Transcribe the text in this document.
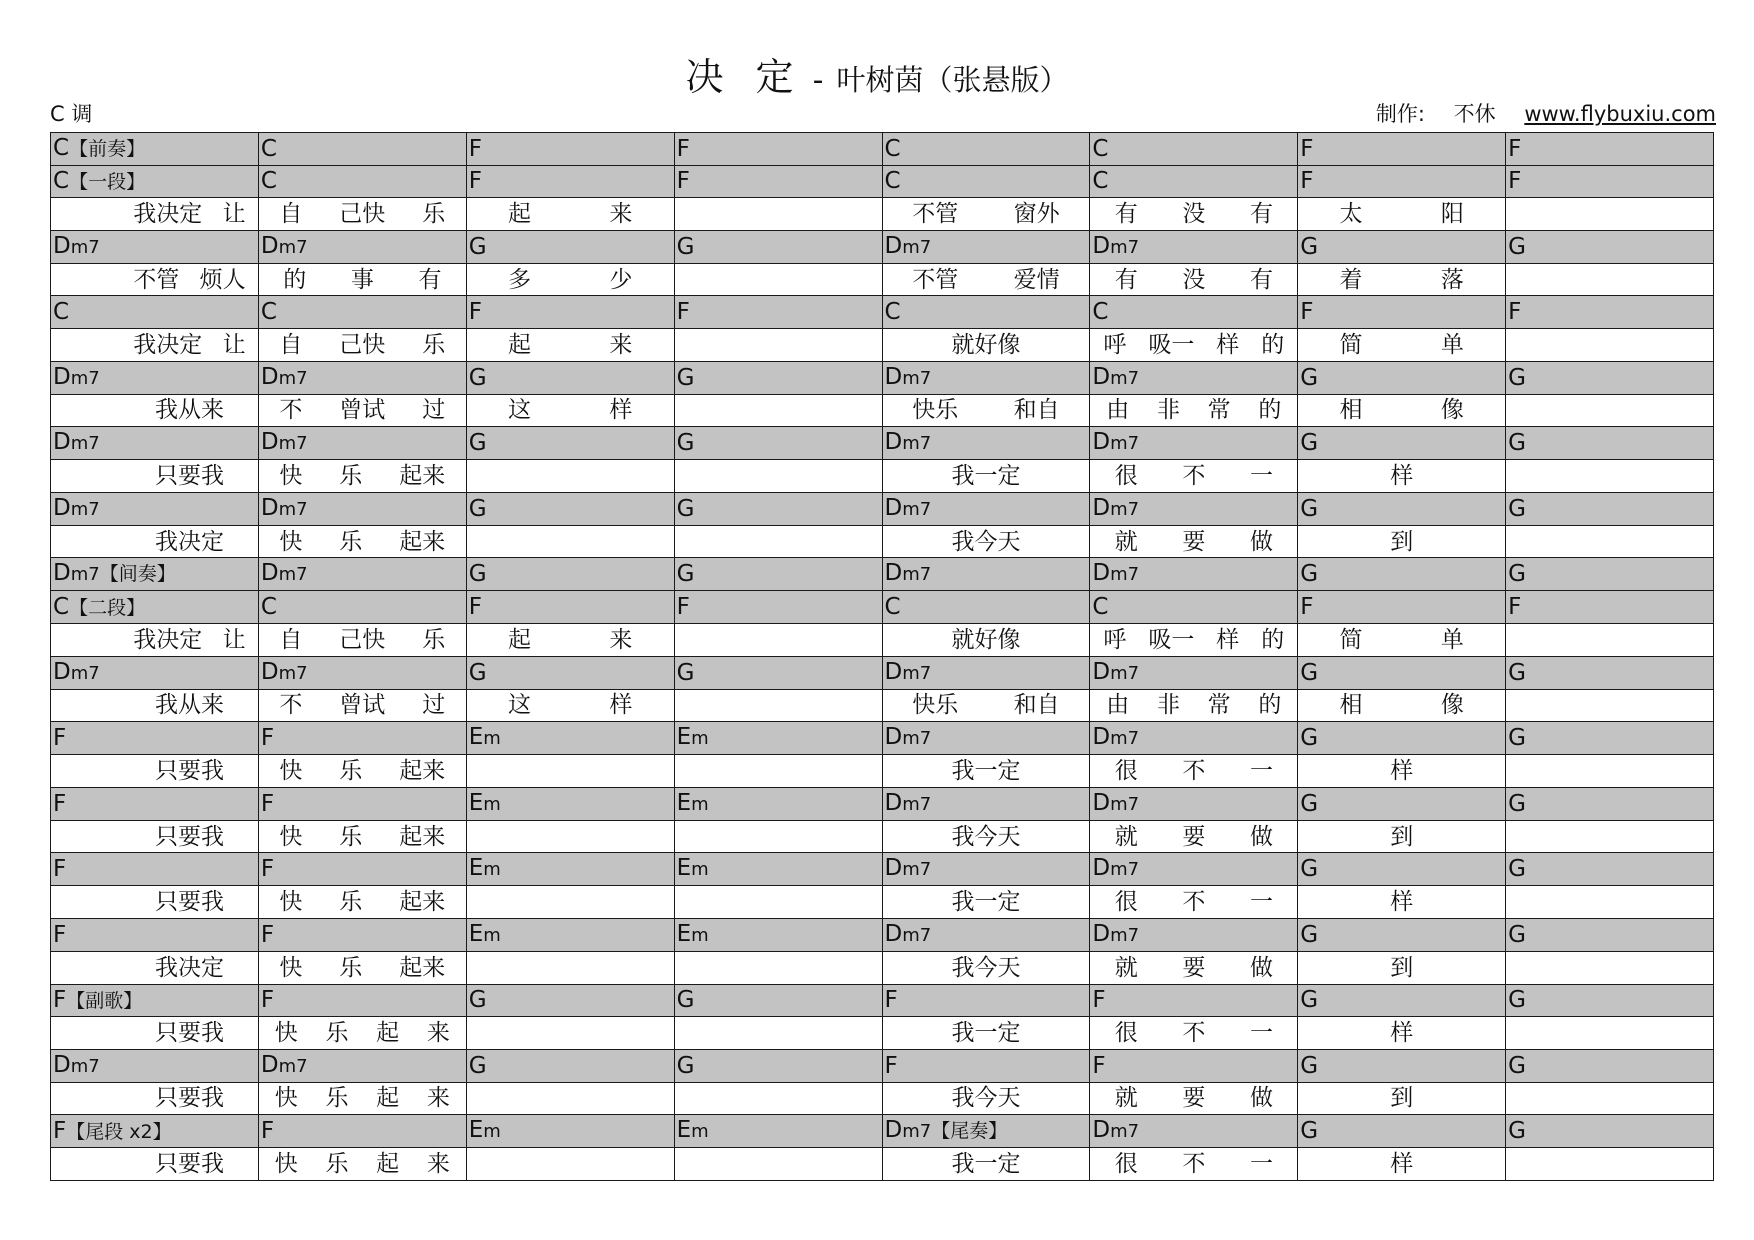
决 定 - 叶树茵（张悬版）
C 调	制作: 不休 www.flybuxiu.com
C【前奏】	C	F	F	C	C	F	F
C【一段】	C	F	F	C	C	F	F

我决定 让	自 己快 乐	起 来		不管 窗外	有 没 有	太 阳	

Dm7	Dm7	G	G	Dm7	Dm7	G	G

不管 烦人	的 事 有	多 少		不管 爱情	有 没 有	着 落	

C	C	F	F	C	C	F	F

我决定 让	自 己快 乐	起 来		就好像	呼 吸一 样 的	简 单	

Dm7	Dm7	G	G	Dm7	Dm7	G	G

我从来	不 曾试 过	这 样		快乐 和自	由 非 常 的	相 像	

Dm7	Dm7	G	G	Dm7	Dm7	G	G

只要我	快 乐 起来			我一定	很 不 一	样	

Dm7	Dm7	G	G	Dm7	Dm7	G	G

我决定	快 乐 起来			我今天	就 要 做	到	

Dm7【间奏】	Dm7	G	G	Dm7	Dm7	G	G
C【二段】	C	F	F	C	C	F	F

我决定 让	自 己快 乐	起 来		就好像	呼 吸一 样 的	简 单	

Dm7	Dm7	G	G	Dm7	Dm7	G	G

我从来	不 曾试 过	这 样		快乐 和自	由 非 常 的	相 像	

F	F	Em	Em	Dm7	Dm7	G	G

只要我	快 乐 起来			我一定	很 不 一	样	

F	F	Em	Em	Dm7	Dm7	G	G

只要我	快 乐 起来			我今天	就 要 做	到	

F	F	Em	Em	Dm7	Dm7	G	G

只要我	快 乐 起来			我一定	很 不 一	样	

F	F	Em	Em	Dm7	Dm7	G	G

我决定	快 乐 起来			我今天	就 要 做	到	

F【副歌】	F	G	G	F	F	G	G

只要我	快 乐 起 来			我一定	很 不 一	样	

Dm7	Dm7	G	G	F	F	G	G

只要我	快 乐 起 来			我今天	就 要 做	到	

F【尾段 x2】	F	Em	Em	Dm7【尾奏】	Dm7	G	G

只要我	快 乐 起 来			我一定	很 不 一	样	
